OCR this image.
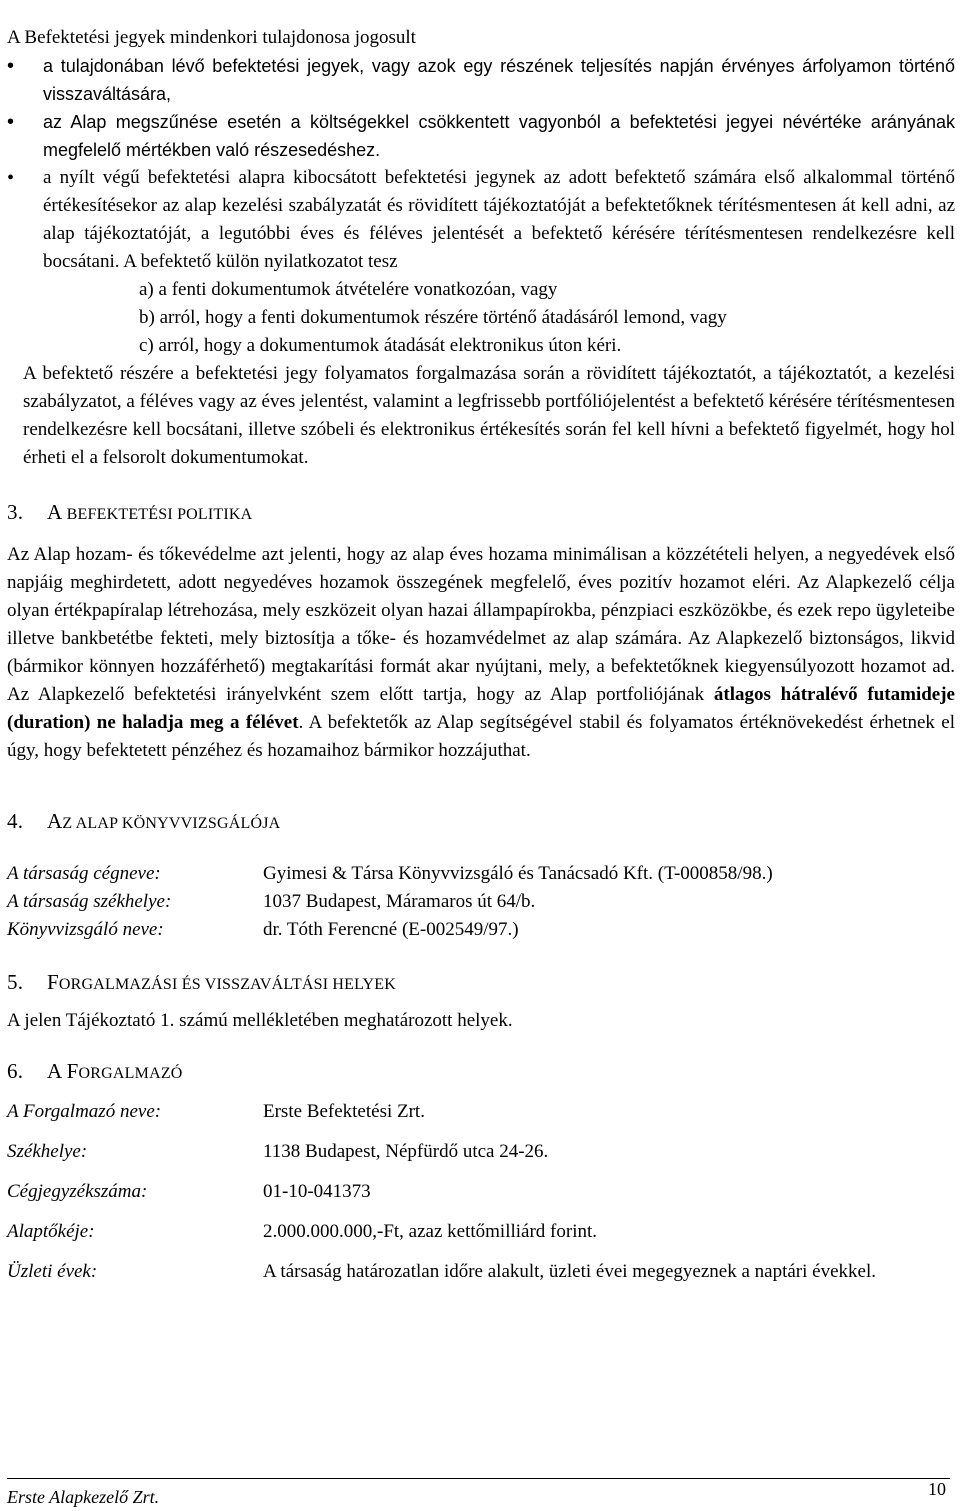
A Befektetési jegyek mindenkori tulajdonosa jogosult

• a tulajdonában lévő befektetési jegyek, vagy azok egy részének teljesítés napján érvényes árfolyamon történő visszaváltására,
• az Alap megszűnése esetén a költségekkel csökkentett vagyonból a befektetési jegyei névértéke arányának megfelelő mértékben való részesedéshez.
• a nyílt végű befektetési alapra kibocsátott befektetési jegynek az adott befektető számára első alkalommal történő értékesítésekor az alap kezelési szabályzatát és rövidített tájékoztatóját a befektetőknek térítésmentesen át kell adni, az alap tájékoztatóját, a legutóbbi éves és féléves jelentését a befektető kérésére térítésmentesen rendelkezésre kell bocsátani. A befektető külön nyilatkozatot tesz
a) a fenti dokumentumok átvételére vonatkozóan, vagy
b) arról, hogy a fenti dokumentumok részére történő átadásáról lemond, vagy
c) arról, hogy a dokumentumok átadását elektronikus úton kéri.

A befektető részére a befektetési jegy folyamatos forgalmazása során a rövidített tájékoztatót, a tájékoztatót, a kezelési szabályzatot, a féléves vagy az éves jelentést, valamint a legfrissebb portfóliójelentést a befektető kérésére térítésmentesen rendelkezésre kell bocsátani, illetve szóbeli és elektronikus értékesítés során fel kell hívni a befektető figyelmét, hogy hol érheti el a felsorolt dokumentumokat.

3. A BEFEKTETÉSI POLITIKA

Az Alap hozam- és tőkevédelme azt jelenti, hogy az alap éves hozama minimálisan a közzétételi helyen, a negyedévek első napjáig meghirdetett, adott negyedéves hozamok összegének megfelelő, éves pozitív hozamot eléri. Az Alapkezelő célja olyan értékpapíralap létrehozása, mely eszközeit olyan hazai állampapírokba, pénzpiaci eszközökbe, és ezek repo ügyleteibe illetve bankbetétbe fekteti, mely biztosítja a tőke- és hozamvédelmet az alap számára. Az Alapkezelő biztonságos, likvid (bármikor könnyen hozzáférhető) megtakarítási formát akar nyújtani, mely, a befektetőknek kiegyensúlyozott hozamot ad. Az Alapkezelő befektetési irányelvként szem előtt tartja, hogy az Alap portfoliójának átlagos hátralévő futamideje (duration) ne haladja meg a félévet. A befektetők az Alap segítségével stabil és folyamatos értéknövekedést érhetnek el úgy, hogy befektetett pénzéhez és hozamaihoz bármikor hozzájuthat.

4. AZ ALAP KÖNYVVIZSGÁLÓJA
A társaság cégneve:	Gyimesi & Társa Könyvvizsgáló és Tanácsadó Kft. (T-000858/98.)
A társaság székhelye:	1037 Budapest, Máramaros út 64/b.
Könyvvizsgáló neve:	dr. Tóth Ferencné (E-002549/97.)
5. FORGALMAZÁSI ÉS VISSZAVÁLTÁSI HELYEK

A jelen Tájékoztató 1. számú mellékletében meghatározott helyek.

6. A FORGALMAZÓ
A Forgalmazó neve:	Erste Befektetési Zrt.
Székhelye:	1138 Budapest, Népfürdő utca 24-26.
Cégjegyzékszáma:	01-10-041373
Alaptőkéje:	2.000.000.000,-Ft, azaz kettőmilliárd forint.
Üzleti évek:	A társaság határozatlan időre alakult, üzleti évei megegyeznek a naptári évekkel.
Erste Alapkezelő Zrt.	10
